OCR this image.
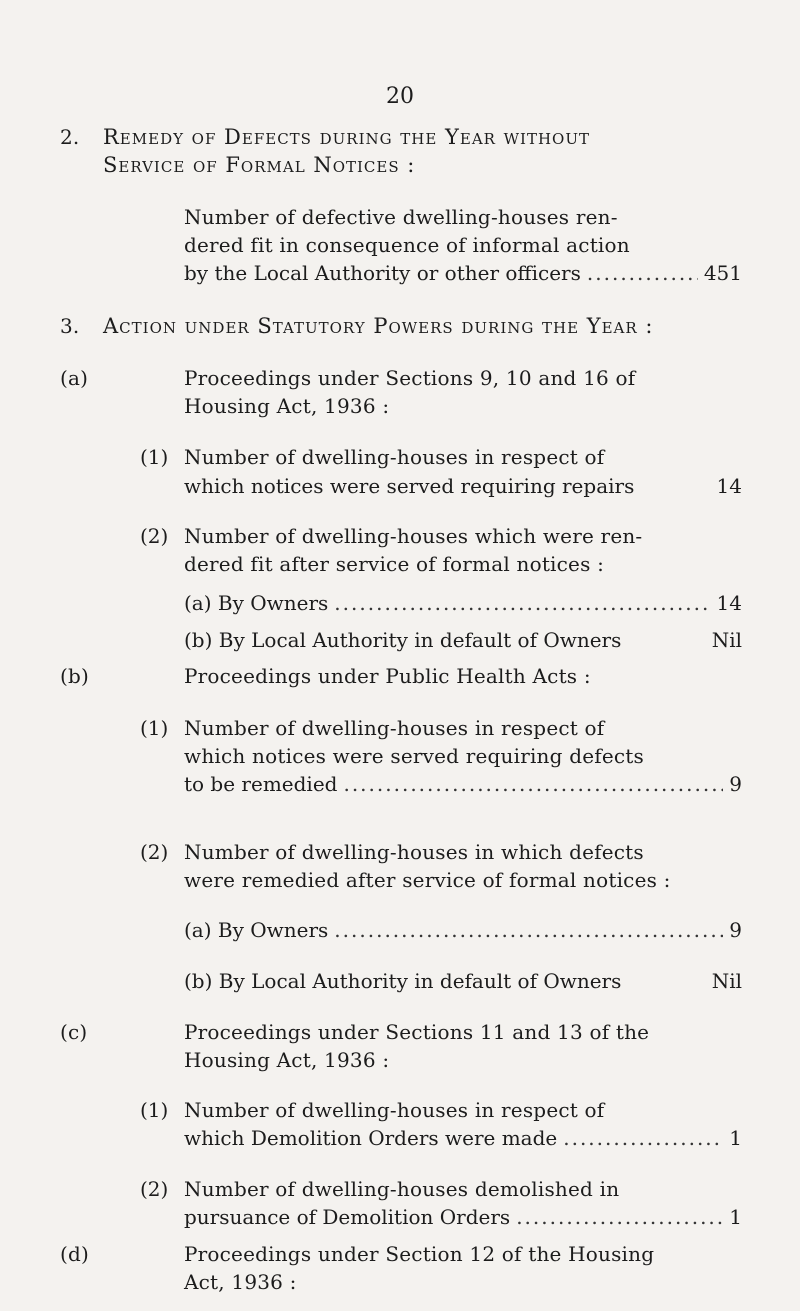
20
2. Remedy of Defects during the Year without
Service of Formal Notices :
Number of defective dwelling-houses ren-
dered fit in consequence of informal action
by the Local Authority or other officers .....	451
3. Action under Statutory Powers during the Year :
(a)	Proceedings under Sections 9, 10 and 16 of
Housing Act, 1936 :
(1) Number of dwelling-houses in respect of
which notices were served requiring repairs	14
(2) Number of dwelling-houses which were ren-
dered fit after service of formal notices :
(a) By Owners .....	14
(b) By Local Authority in default of Owners	Nil
(b)	Proceedings under Public Health Acts :
(1) Number of dwelling-houses in respect of
which notices were served requiring defects
to be remedied .....	9
(2) Number of dwelling-houses in which defects
were remedied after service of formal notices :
(a) By Owners .....	9
(b) By Local Authority in default of Owners	Nil
(c)	Proceedings under Sections 11 and 13 of the
Housing Act, 1936 :
(1) Number of dwelling-houses in respect of
which Demolition Orders were made .....	1
(2) Number of dwelling-houses demolished in
pursuance of Demolition Orders .....	1
(d)	Proceedings under Section 12 of the Housing
Act, 1936 :
